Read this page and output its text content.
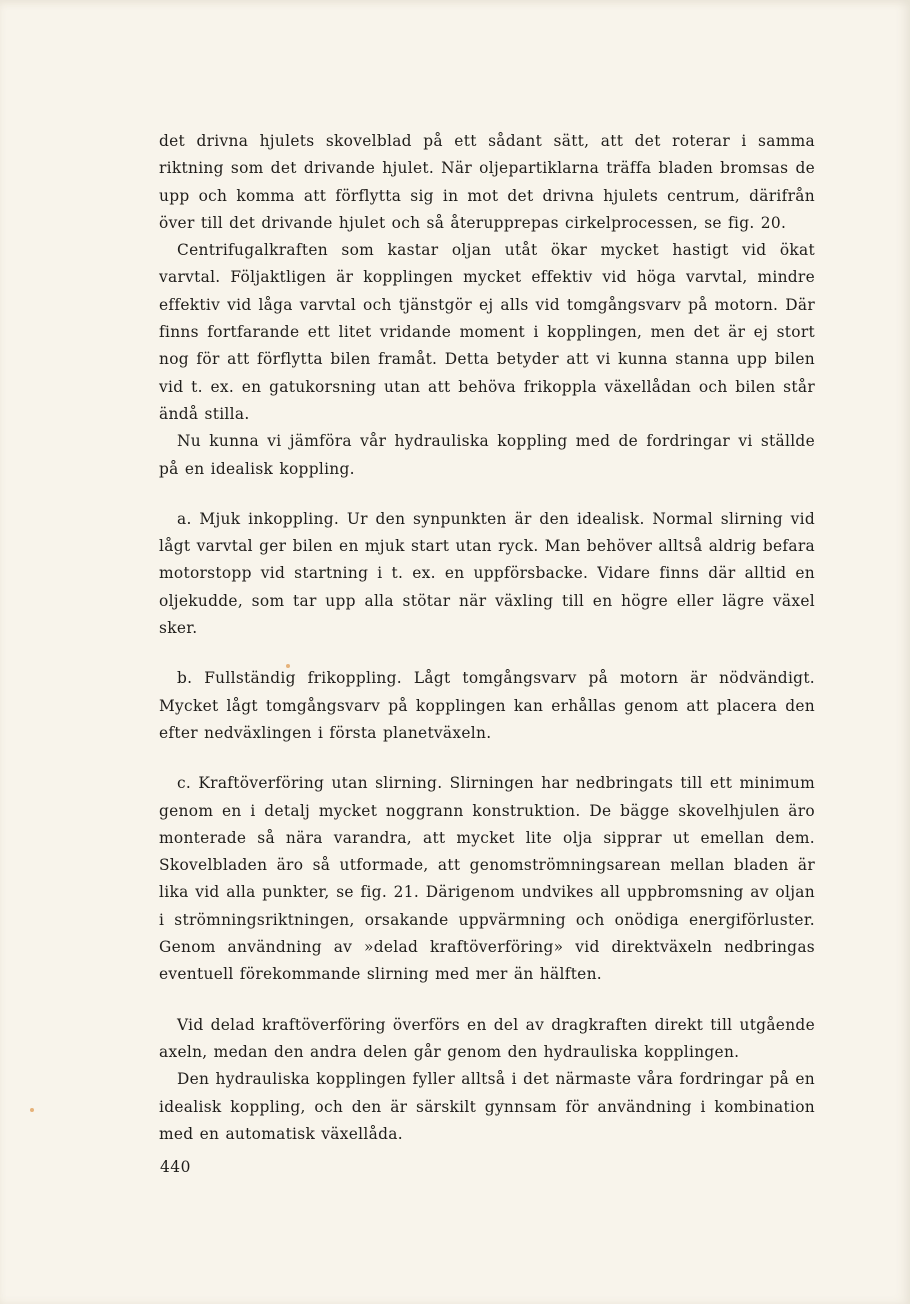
det drivna hjulets skovelblad på ett sådant sätt, att det roterar i samma riktning som det drivande hjulet. När oljepartiklarna träffa bladen bromsas de upp och komma att förflytta sig in mot det drivna hjulets centrum, därifrån över till det drivande hjulet och så återupprepas cirkelprocessen, se fig. 20.

Centrifugalkraften som kastar oljan utåt ökar mycket hastigt vid ökat varvtal. Följaktligen är kopplingen mycket effektiv vid höga varvtal, mindre effektiv vid låga varvtal och tjänstgör ej alls vid tomgångsvarv på motorn. Där finns fortfarande ett litet vridande moment i kopplingen, men det är ej stort nog för att förflytta bilen framåt. Detta betyder att vi kunna stanna upp bilen vid t. ex. en gatukorsning utan att behöva frikoppla växellådan och bilen står ändå stilla.

Nu kunna vi jämföra vår hydrauliska koppling med de fordringar vi ställde på en idealisk koppling.

a. Mjuk inkoppling. Ur den synpunkten är den idealisk. Normal slirning vid lågt varvtal ger bilen en mjuk start utan ryck. Man behöver alltså aldrig befara motorstopp vid startning i t. ex. en uppförsbacke. Vidare finns där alltid en oljekudde, som tar upp alla stötar när växling till en högre eller lägre växel sker.

b. Fullständig frikoppling. Lågt tomgångsvarv på motorn är nödvändigt. Mycket lågt tomgångsvarv på kopplingen kan erhållas genom att placera den efter nedväxlingen i första planetväxeln.

c. Kraftöverföring utan slirning. Slirningen har nedbringats till ett minimum genom en i detalj mycket noggrann konstruktion. De bägge skovelhjulen äro monterade så nära varandra, att mycket lite olja sipprar ut emellan dem. Skovelbladen äro så utformade, att genomströmningsarean mellan bladen är lika vid alla punkter, se fig. 21. Därigenom undvikes all uppbromsning av oljan i strömningsriktningen, orsakande uppvärmning och onödiga energiförluster. Genom användning av »delad kraftöverföring» vid direktväxeln nedbringas eventuell förekommande slirning med mer än hälften.

Vid delad kraftöverföring överförs en del av dragkraften direkt till utgående axeln, medan den andra delen går genom den hydrauliska kopplingen.

Den hydrauliska kopplingen fyller alltså i det närmaste våra fordringar på en idealisk koppling, och den är särskilt gynnsam för användning i kombination med en automatisk växellåda.

440
